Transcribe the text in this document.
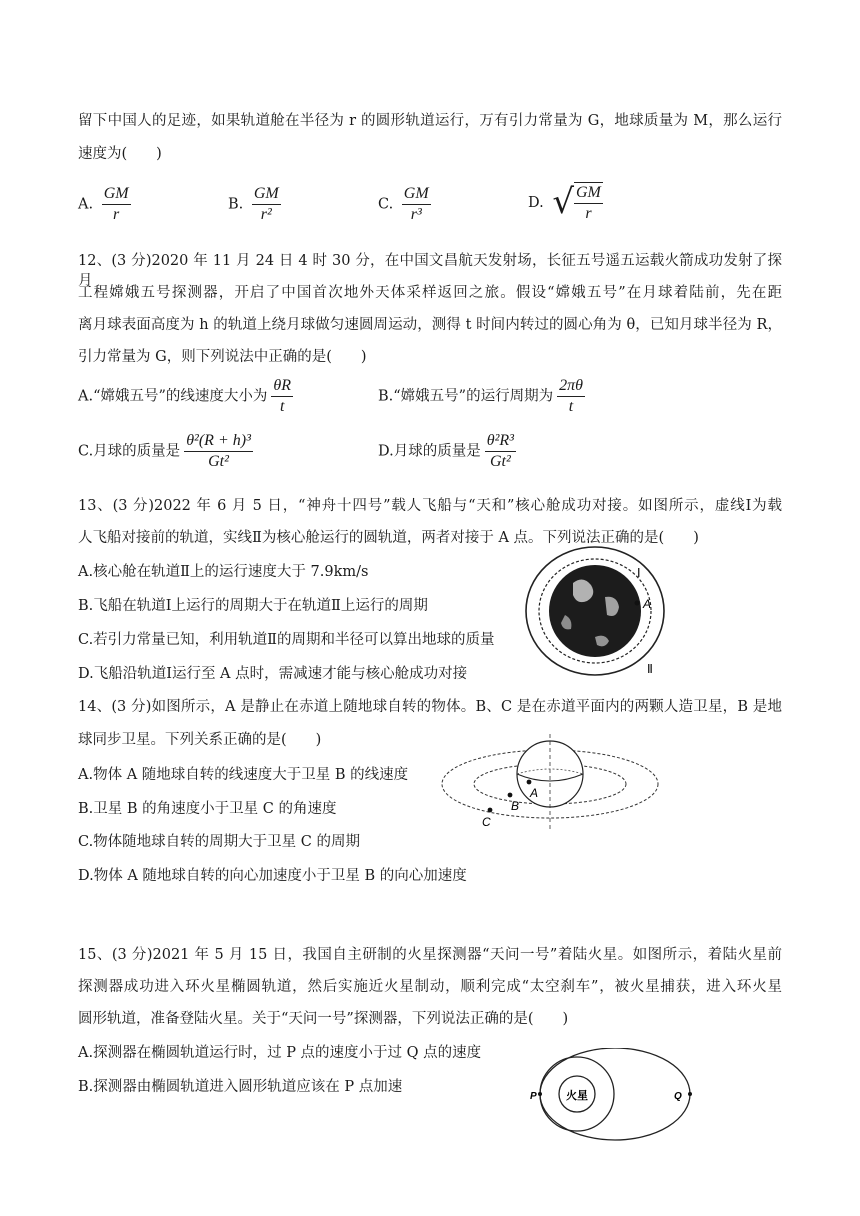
留下中国人的足迹，如果轨道舱在半径为 r 的圆形轨道运行，万有引力常量为 G，地球质量为 M，那么运行
速度为(　　)
A. $\frac{GM}{r}$	B. $\frac{GM}{\text{r²}}$	C. $\frac{GM}{\text{r³}}$	D. √ $\frac{GM}{r}$
12、(3 分)2020 年 11 月 24 日 4 时 30 分，在中国文昌航天发射场，长征五号遥五运载火箭成功发射了探月
工程嫦娥五号探测器，开启了中国首次地外天体采样返回之旅。假设“嫦娥五号”在月球着陆前，先在距
离月球表面高度为 h 的轨道上绕月球做匀速圆周运动，测得 t 时间内转过的圆心角为 θ，已知月球半径为 R，
引力常量为 G，则下列说法中正确的是(　　)
A.“嫦娥五号”的线速度大小为 $\frac{\theta R}{t}$	B.“嫦娥五号”的运行周期为 $\frac{2\pi\theta}{t}$
C.月球的质量是 $\frac{\text{θ²(R + h)³}}{\text{Gt²}}$	D.月球的质量是 $\frac{\text{θ²R³}}{\text{Gt²}}$
13、(3 分)2022 年 6 月 5 日，“神舟十四号”载人飞船与“天和”核心舱成功对接。如图所示，虚线Ⅰ为载
人飞船对接前的轨道，实线Ⅱ为核心舱运行的圆轨道，两者对接于 A 点。下列说法正确的是(　　)
A.核心舱在轨道Ⅱ上的运行速度大于 7.9km/s
B.飞船在轨道Ⅰ上运行的周期大于在轨道Ⅱ上运行的周期
C.若引力常量已知，利用轨道Ⅱ的周期和半径可以算出地球的质量
D.飞船沿轨道Ⅰ运行至 A 点时，需减速才能与核心舱成功对接
A
Ⅰ
Ⅱ
14、(3 分)如图所示，A 是静止在赤道上随地球自转的物体。B、C 是在赤道平面内的两颗人造卫星，B 是地
球同步卫星。下列关系正确的是(　　)
A.物体 A 随地球自转的线速度大于卫星 B 的线速度
B.卫星 B 的角速度小于卫星 C 的角速度
C.物体随地球自转的周期大于卫星 C 的周期
D.物体 A 随地球自转的向心加速度小于卫星 B 的向心加速度
A
B
C
15、(3 分)2021 年 5 月 15 日，我国自主研制的火星探测器“天问一号”着陆火星。如图所示，着陆火星前
探测器成功进入环火星椭圆轨道，然后实施近火星制动，顺利完成“太空刹车”，被火星捕获，进入环火星
圆形轨道，准备登陆火星。关于“天问一号”探测器，下列说法正确的是(　　)
A.探测器在椭圆轨道运行时，过 P 点的速度小于过 Q 点的速度
B.探测器由椭圆轨道进入圆形轨道应该在 P 点加速
火星
P	Q
